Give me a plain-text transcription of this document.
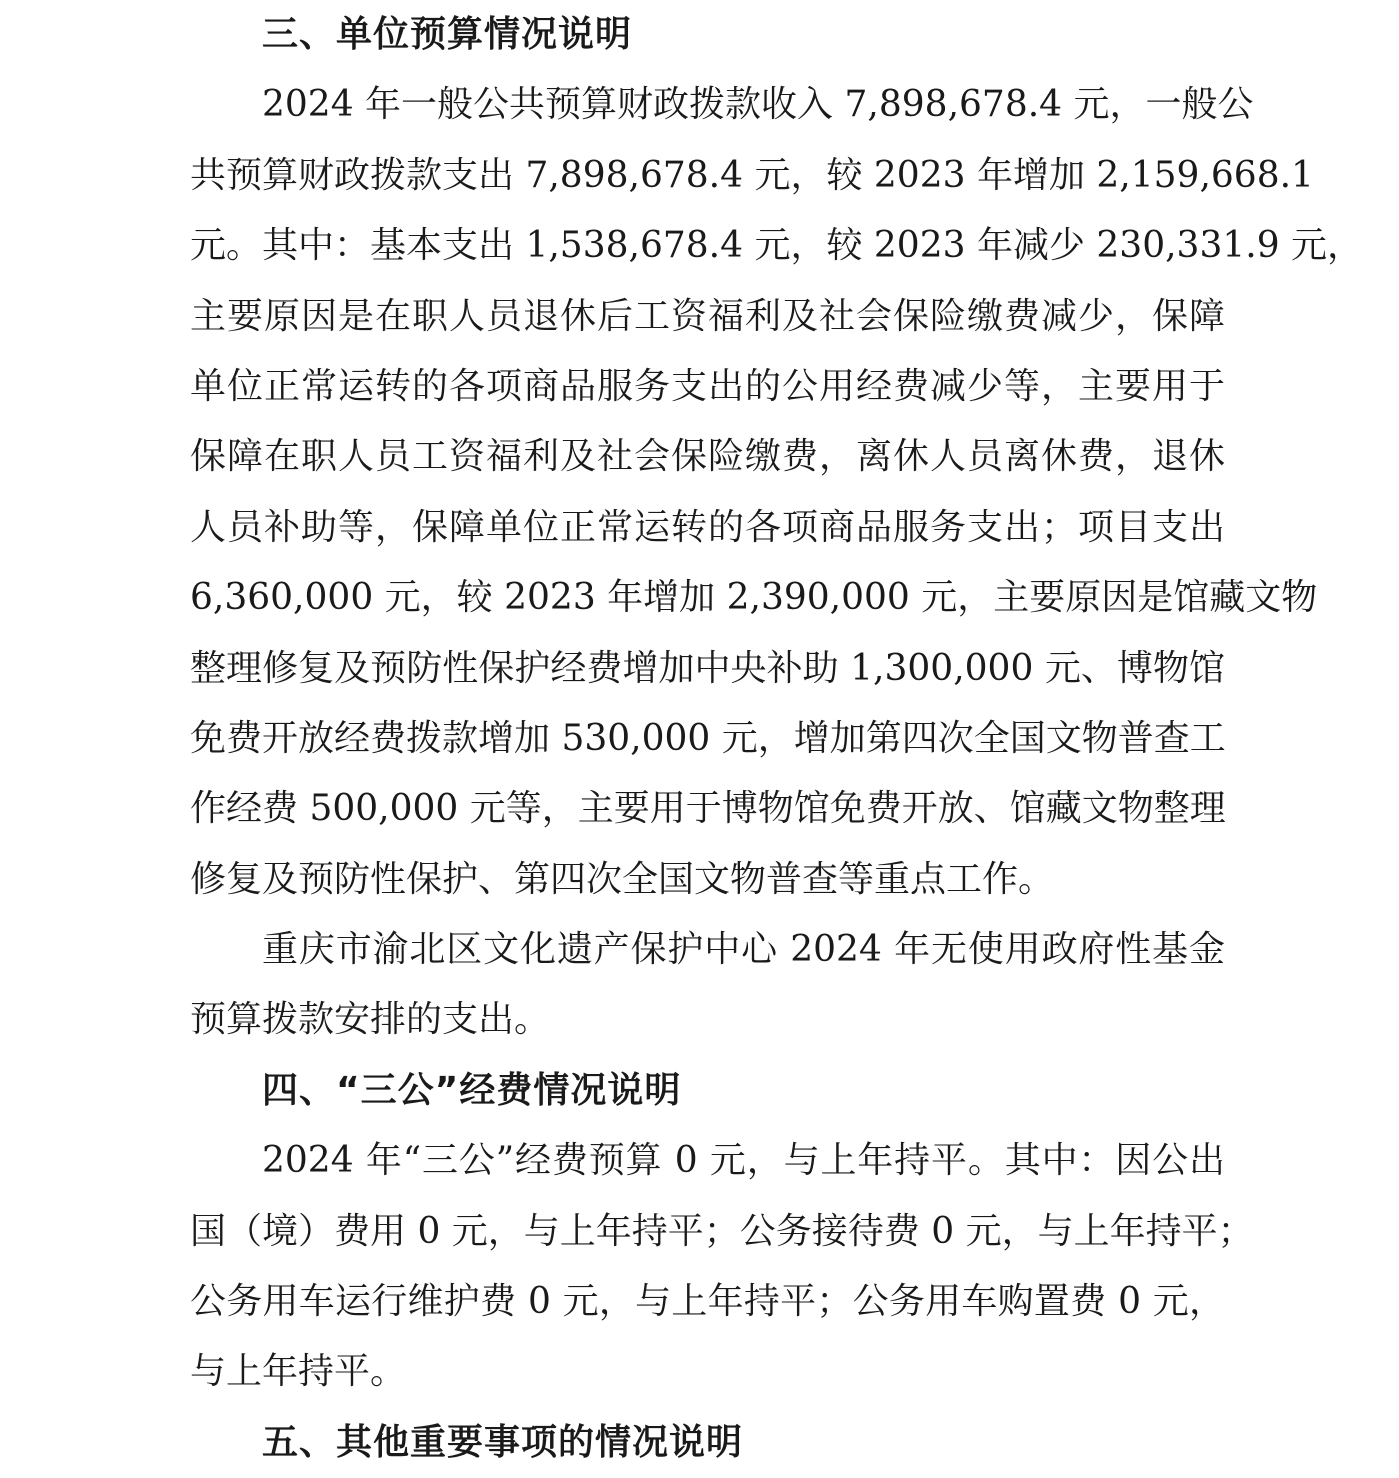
三、单位预算情况说明
2024 年一般公共预算财政拨款收入 7,898,678.4 元，一般公
共预算财政拨款支出 7,898,678.4 元，较 2023 年增加 2,159,668.1
元。其中：基本支出 1,538,678.4 元，较 2023 年减少 230,331.9 元，
主要原因是在职人员退休后工资福利及社会保险缴费减少，保障
单位正常运转的各项商品服务支出的公用经费减少等，主要用于
保障在职人员工资福利及社会保险缴费，离休人员离休费，退休
人员补助等，保障单位正常运转的各项商品服务支出；项目支出
6,360,000 元，较 2023 年增加 2,390,000 元，主要原因是馆藏文物
整理修复及预防性保护经费增加中央补助 1,300,000 元、博物馆
免费开放经费拨款增加 530,000 元，增加第四次全国文物普查工
作经费 500,000 元等，主要用于博物馆免费开放、馆藏文物整理
修复及预防性保护、第四次全国文物普查等重点工作。
重庆市渝北区文化遗产保护中心 2024 年无使用政府性基金
预算拨款安排的支出。
四、“三公”经费情况说明
2024 年“三公”经费预算 0 元，与上年持平。其中：因公出
国（境）费用 0 元，与上年持平；公务接待费 0 元，与上年持平；
公务用车运行维护费 0 元，与上年持平；公务用车购置费 0 元，
与上年持平。
五、其他重要事项的情况说明
